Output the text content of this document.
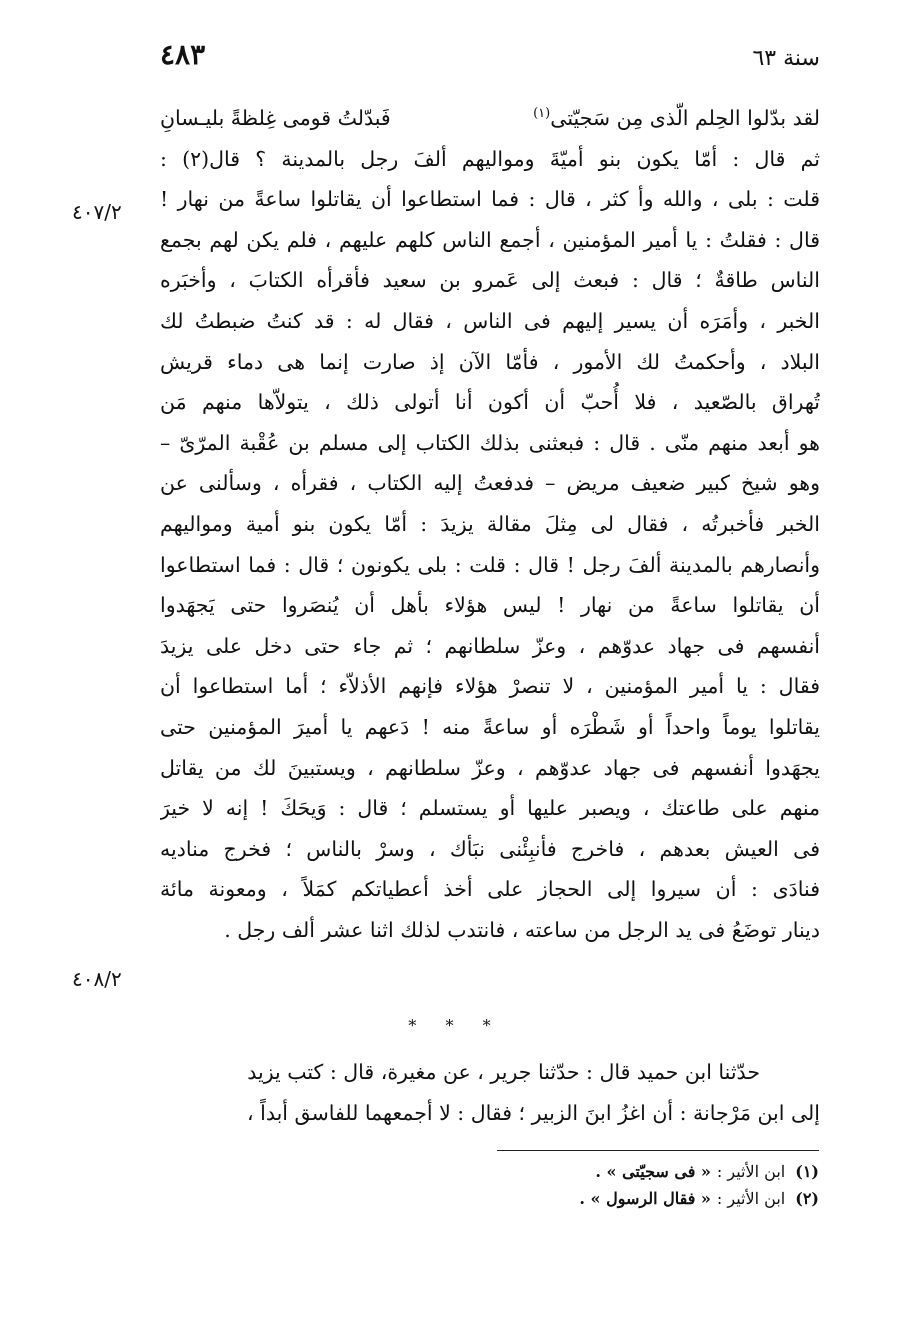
٤٨٣	سنة ٦٣
لقد بدّلوا الحِلم الّذى مِن سَجيّتى$^{(١)}$
فَبدّلتُ قومى غِلظةً بليـسانِ
ثم قال : أمّا يكون بنو أميّةَ ومواليهم ألفَ رجل بالمدينة ؟ قال(٢) :
قلت : بلى ، والله وأ كثر ، قال : فما استطاعوا أن يقاتلوا ساعةً من نهار !
قال : فقلتُ : يا أمير المؤمنين ، أجمع الناس كلهم عليهم ، فلم يكن لهم بجمع
الناس طاقةٌ ؛ قال : فبعث إلى عَمرو بن سعيد فأقرأه الكتابَ ، وأخبَره
الخبر ، وأمَرَه أن يسير إليهم فى الناس ، فقال له : قد كنتُ ضبطتُ لك
البلاد ، وأحكمتُ لك الأمور ، فأمّا الآن إذ صارت إنما هى دماء قريش
تُهراق بالصّعيد ، فلا أُحبّ أن أكون أنا أتولى ذلك ، يتولاّها منهم مَن
هو أبعد منهم منّى . قال : فبعثنى بذلك الكتاب إلى مسلم بن عُقْبة المرّىّ –
وهو شيخ كبير ضعيف مريض – فدفعتُ إليه الكتاب ، فقرأه ، وسألنى عن
الخبر فأخبرتُه ، فقال لى مِثلَ مقالة يزيدَ : أمّا يكون بنو أمية ومواليهم
وأنصارهم بالمدينة ألفَ رجل ! قال : قلت : بلى يكونون ؛ قال : فما استطاعوا
أن يقاتلوا ساعةً من نهار ! ليس هؤلاء بأهل أن يُنصَروا حتى يَجهَدوا
أنفسهم فى جهاد عدوّهم ، وعزّ سلطانهم ؛ ثم جاء حتى دخل على يزيدَ
فقال : يا أمير المؤمنين ، لا تنصرْ هؤلاء فإنهم الأذلاّء ؛ أما استطاعوا أن
يقاتلوا يوماً واحداً أو شَطْرَه أو ساعةً منه ! دَعهم يا أميرَ المؤمنين حتى
يجهَدوا أنفسهم فى جهاد عدوّهم ، وعزّ سلطانهم ، ويستبينَ لك من يقاتل
منهم على طاعتك ، ويصبر عليها أو يستسلم ؛ قال : وَيحَكَ ! إنه لا خيرَ
فى العيش بعدهم ، فاخرج فأنبِئْنى نبَأك ، وسرْ بالناس ؛ فخرج مناديه
فنادَى : أن سيروا إلى الحجاز على أخذ أعطياتكم كمَلاً ، ومعونة مائة
دينار توضَعُ فى يد الرجل من ساعته ، فانتدب لذلك اثنا عشر ألف رجل .
٤٠٧/٢
٤٠٨/٢
* * *
حدّثنا ابن حميد قال : حدّثنا جرير ، عن مغيرة، قال : كتب يزيد
إلى ابن مَرْجانة : أن اغزُ ابنَ الزبير ؛ فقال : لا أجمعهما للفاسق أبداً ،
(١)ابن الأثير :« فى سجيّتى » .
(٢)ابن الأثير :« فقال الرسول » .
